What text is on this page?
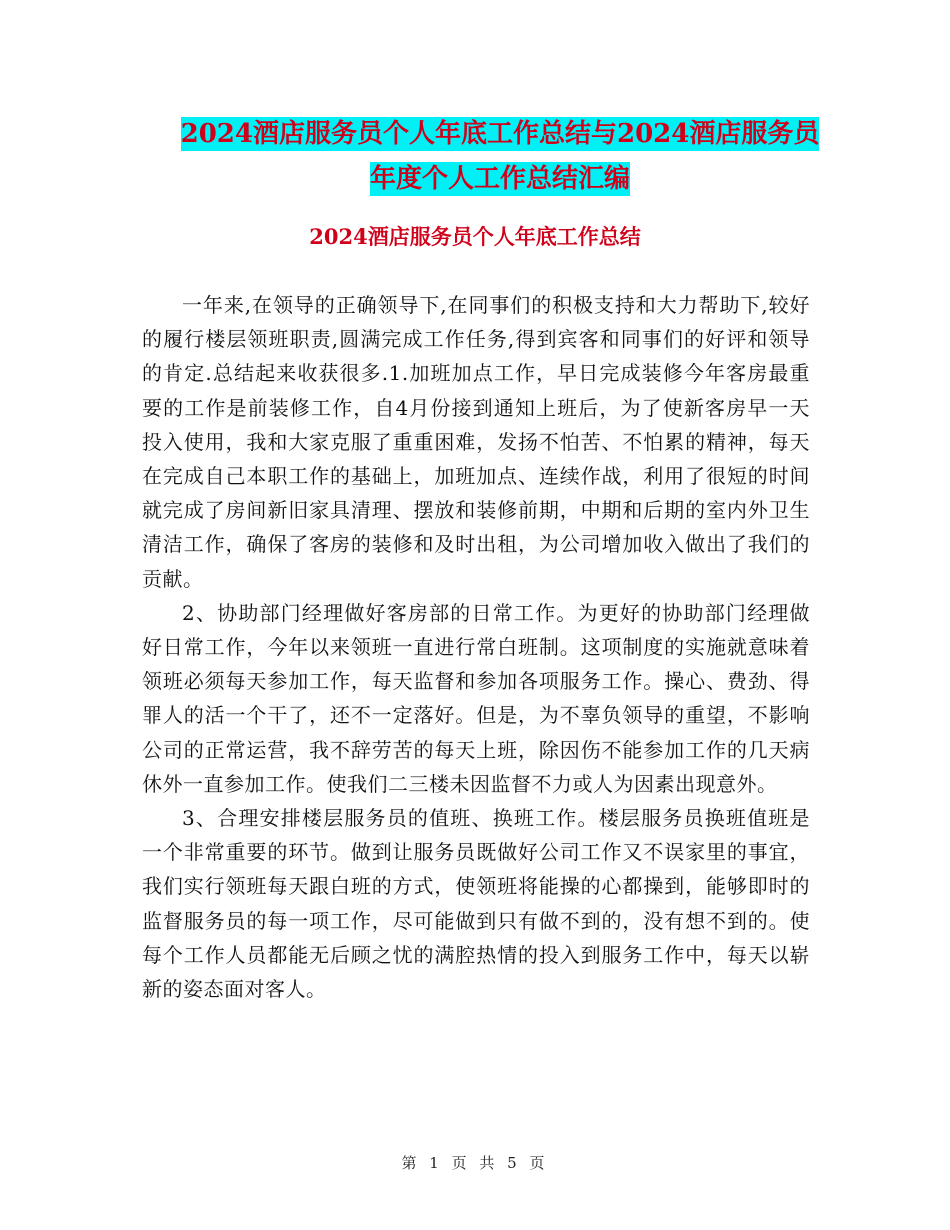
2024酒店服务员个人年底工作总结与2024酒店服务员
年度个人工作总结汇编
2024酒店服务员个人年底工作总结

一年来,在领导的正确领导下,在同事们的积极支持和大力帮助下,较好的履行楼层领班职责,圆满完成工作任务,得到宾客和同事们的好评和领导的肯定.总结起来收获很多.1.加班加点工作，早日完成装修今年客房最重要的工作是前装修工作，自4月份接到通知上班后，为了使新客房早一天投入使用，我和大家克服了重重困难，发扬不怕苦、不怕累的精神，每天在完成自己本职工作的基础上，加班加点、连续作战，利用了很短的时间就完成了房间新旧家具清理、摆放和装修前期，中期和后期的室内外卫生清洁工作，确保了客房的装修和及时出租，为公司增加收入做出了我们的贡献。

2、协助部门经理做好客房部的日常工作。为更好的协助部门经理做好日常工作，今年以来领班一直进行常白班制。这项制度的实施就意味着领班必须每天参加工作，每天监督和参加各项服务工作。操心、费劲、得罪人的活一个干了，还不一定落好。但是，为不辜负领导的重望，不影响公司的正常运营，我不辞劳苦的每天上班，除因伤不能参加工作的几天病休外一直参加工作。使我们二三楼未因监督不力或人为因素出现意外。

3、合理安排楼层服务员的值班、换班工作。楼层服务员换班值班是一个非常重要的环节。做到让服务员既做好公司工作又不误家里的事宜，我们实行领班每天跟白班的方式，使领班将能操的心都操到，能够即时的监督服务员的每一项工作，尽可能做到只有做不到的，没有想不到的。使每个工作人员都能无后顾之忧的满腔热情的投入到服务工作中，每天以崭新的姿态面对客人。

第 1 页 共 5 页
